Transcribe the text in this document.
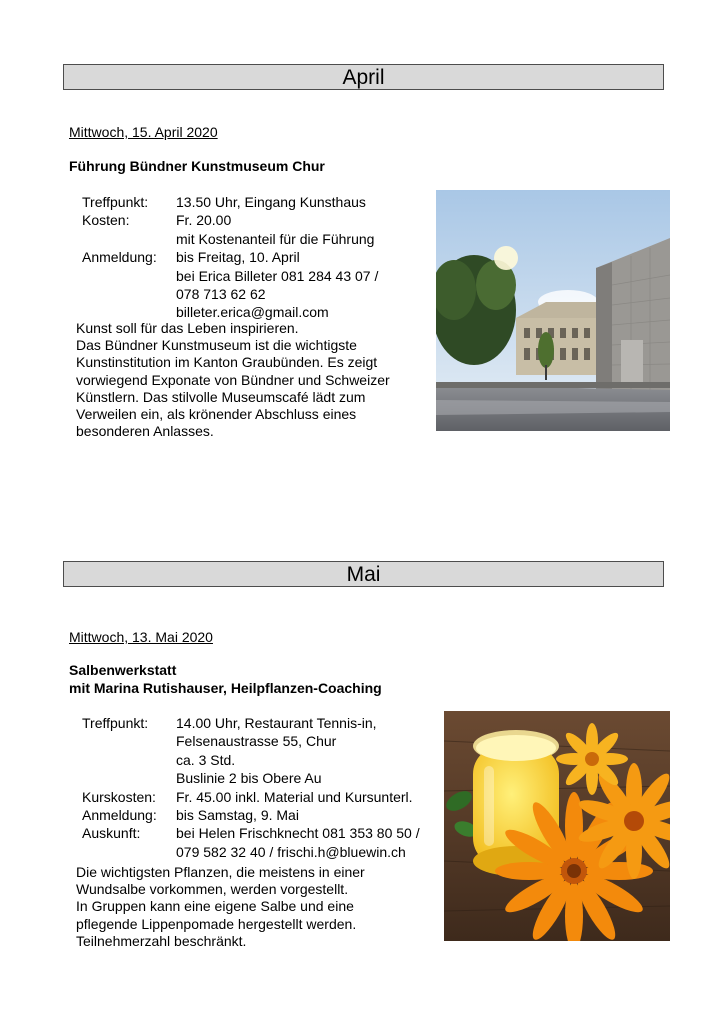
April
Mittwoch, 15. April 2020
Führung Bündner Kunstmuseum Chur
Treffpunkt:	13.50 Uhr, Eingang Kunsthaus
Kosten:	Fr. 20.00
	mit Kostenanteil für die Führung
Anmeldung:	bis Freitag, 10. April
	bei Erica Billeter 081 284 43 07 /
	078 713 62 62
	billeter.erica@gmail.com
Kunst soll für das Leben inspirieren.
Das Bündner Kunstmuseum ist die wichtigste
Kunstinstitution im Kanton Graubünden. Es zeigt
vorwiegend Exponate von Bündner und Schweizer
Künstlern. Das stilvolle Museumscafé lädt zum
Verweilen ein, als krönender Abschluss eines
besonderen Anlasses.
Mai
Mittwoch, 13. Mai 2020
Salbenwerkstatt
mit Marina Rutishauser, Heilpflanzen-Coaching
Treffpunkt:	14.00 Uhr, Restaurant Tennis-in,
	Felsenaustrasse 55, Chur
	ca. 3 Std.
	Buslinie 2 bis Obere Au
Kurskosten:	Fr. 45.00 inkl. Material und Kursunterl.
Anmeldung:	bis Samstag, 9. Mai
Auskunft:	bei Helen Frischknecht 081 353 80 50 /
	079 582 32 40 / frischi.h@bluewin.ch
Die wichtigsten Pflanzen, die meistens in einer
Wundsalbe vorkommen, werden vorgestellt.
In Gruppen kann eine eigene Salbe und eine
pflegende Lippenpomade hergestellt werden.
Teilnehmerzahl beschränkt.
